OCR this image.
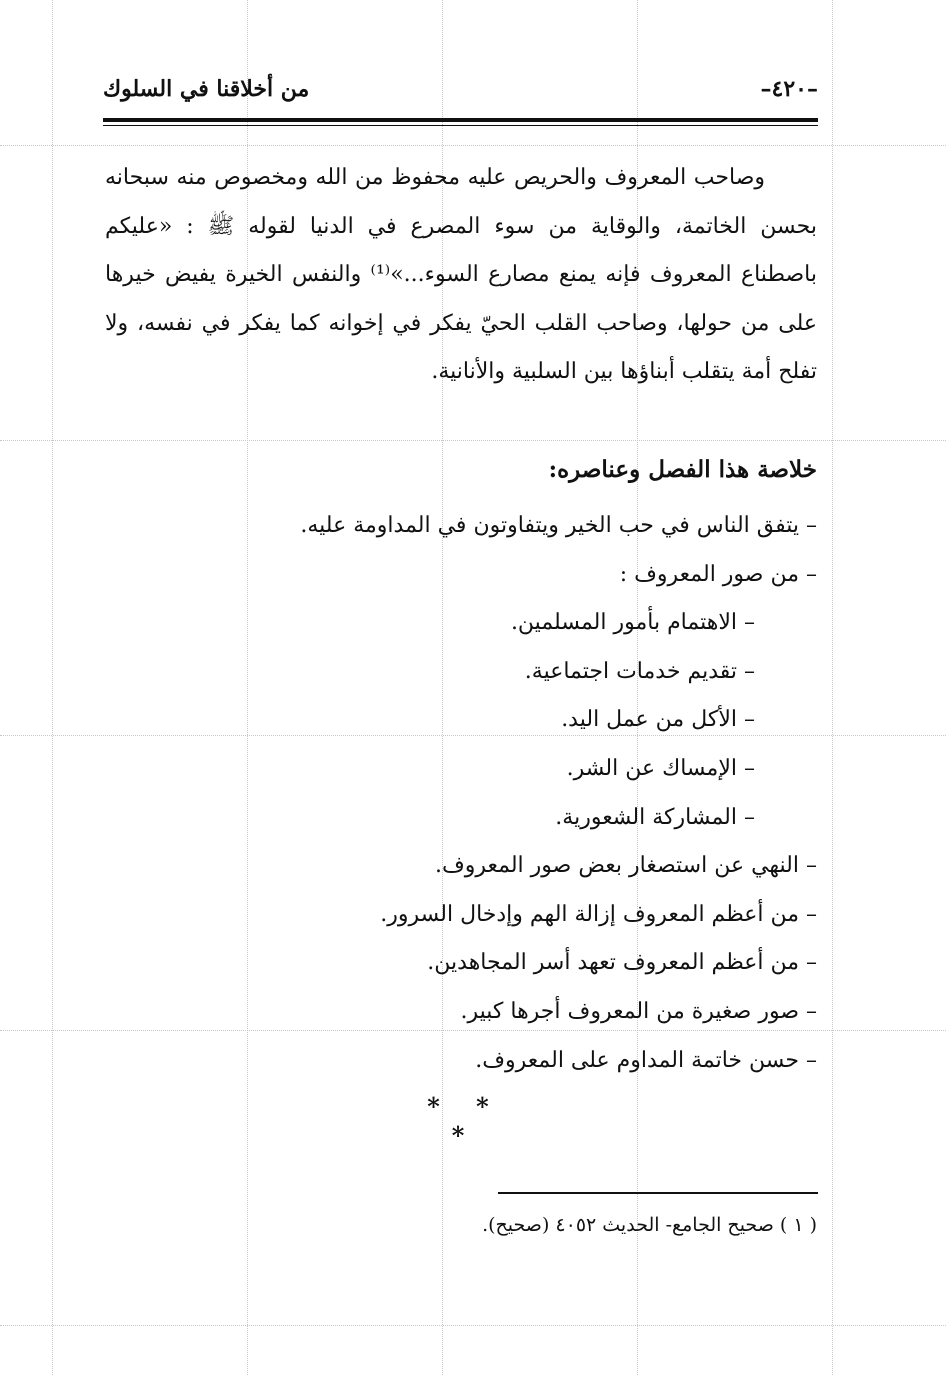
–٤٢٠–
من أخلاقنا في السلوك

وصاحب المعروف والحريص عليه محفوظ من الله ومخصوص منه سبحانه بحسن الخاتمة، والوقاية من سوء المصرع في الدنيا لقوله ﷺ : «عليكم باصطناع المعروف فإنه يمنع مصارع السوء...»⁽¹⁾ والنفس الخيرة يفيض خيرها على من حولها، وصاحب القلب الحيّ يفكر في إخوانه كما يفكر في نفسه، ولا تفلح أمة يتقلب أبناؤها بين السلبية والأنانية.

خلاصة هذا الفصل وعناصره:
– يتفق الناس في حب الخير ويتفاوتون في المداومة عليه.
– من صور المعروف :
– الاهتمام بأمور المسلمين.
– تقديم خدمات اجتماعية.
– الأكل من عمل اليد.
– الإمساك عن الشر.
– المشاركة الشعورية.
– النهي عن استصغار بعض صور المعروف.
– من أعظم المعروف إزالة الهم وإدخال السرور.
– من أعظم المعروف تعهد أسر المجاهدين.
– صور صغيرة من المعروف أجرها كبير.
– حسن خاتمة المداوم على المعروف.
* * *
( ١ ) صحيح الجامع- الحديث ٤٠٥٢ (صحيح).
